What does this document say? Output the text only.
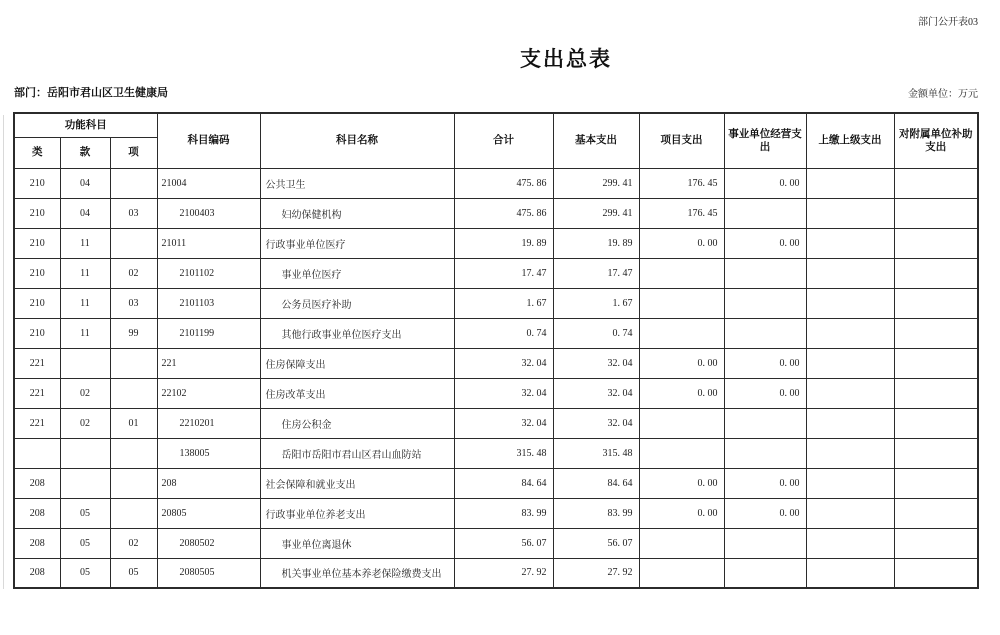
部门公开表03
支出总表
部门：岳阳市君山区卫生健康局	金额单位：万元
功能科目			科目编码	科目名称	合计	基本支出	项目支出	事业单位经营支出	上缴上级支出	对附属单位补助支出
类	款	项								
210	04		21004	公共卫生	475. 86	299. 41	176. 45	0. 00		
210	04	03	2100403	妇幼保健机构	475. 86	299. 41	176. 45			
210	11		21011	行政事业单位医疗	19. 89	19. 89	0. 00	0. 00		
210	11	02	2101102	事业单位医疗	17. 47	17. 47				
210	11	03	2101103	公务员医疗补助	1. 67	1. 67				
210	11	99	2101199	其他行政事业单位医疗支出	0. 74	0. 74				
221			221	住房保障支出	32. 04	32. 04	0. 00	0. 00		
221	02		22102	住房改革支出	32. 04	32. 04	0. 00	0. 00		
221	02	01	2210201	住房公积金	32. 04	32. 04				
			138005	岳阳市岳阳市君山区君山血防站	315. 48	315. 48				
208			208	社会保障和就业支出	84. 64	84. 64	0. 00	0. 00		
208	05		20805	行政事业单位养老支出	83. 99	83. 99	0. 00	0. 00		
208	05	02	2080502	事业单位离退休	56. 07	56. 07				
208	05	05	2080505	机关事业单位基本养老保险缴费支出	27. 92	27. 92				
